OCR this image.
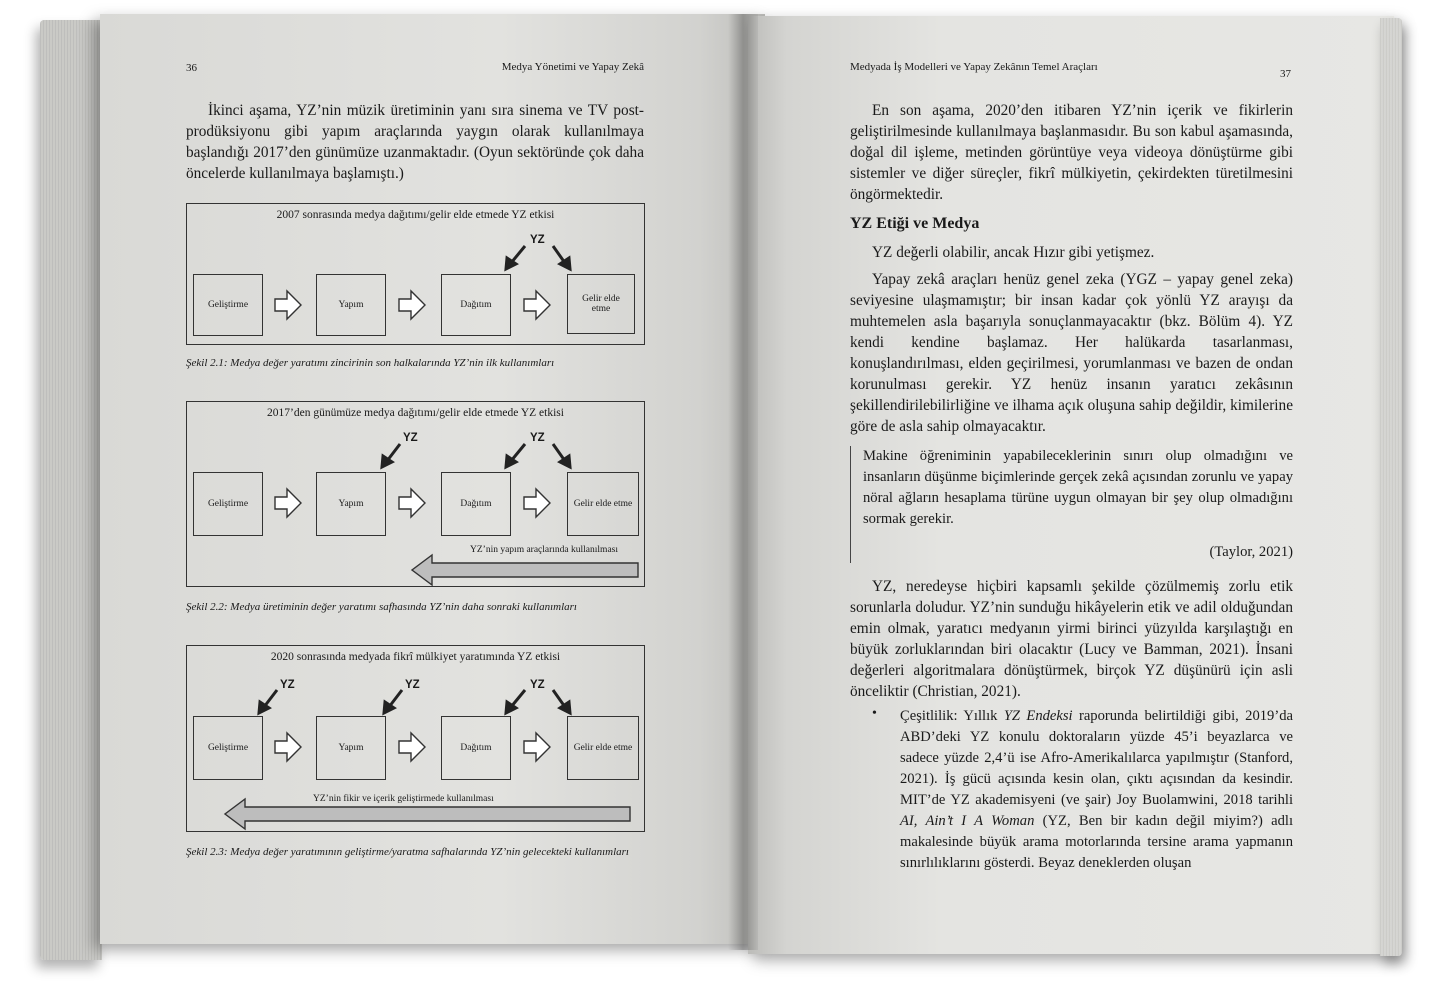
36	Medya Yönetimi ve Yapay Zekâ

İkinci aşama, YZ’nin müzik üretiminin yanı sıra sinema ve TV post-prodüksiyonu gibi yapım araçlarında yaygın olarak kullanılmaya başlandığı 2017’den günümüze uzanmaktadır. (Oyun sektöründe çok daha öncelerde kullanılmaya başlamıştı.)

2007 sonrasında medya dağıtımı/gelir elde etmede YZ etkisi
Geliştirme	Yapım	Dağıtım
Gelir elde etme
YZ
Şekil 2.1: Medya değer yaratımı zincirinin son halkalarında YZ’nin ilk kullanımları
2017’den günümüze medya dağıtımı/gelir elde etmede YZ etkisi
Geliştirme	Yapım	Dağıtım	Gelir elde etme
YZ	YZ
YZ’nin yapım araçlarında kullanılması
Şekil 2.2: Medya üretiminin değer yaratımı safhasında YZ’nin daha sonraki kullanımları
2020 sonrasında medyada fikrî mülkiyet yaratımında YZ etkisi
Geliştirme	Yapım	Dağıtım	Gelir elde etme
YZ	YZ	YZ
YZ’nin fikir ve içerik geliştirmede kullanılması
Şekil 2.3: Medya değer yaratımının geliştirme/yaratma safhalarında YZ’nin gelecekteki kullanımları
Medyada İş Modelleri ve Yapay Zekânın Temel Araçları
37

En son aşama, 2020’den itibaren YZ’nin içerik ve fikirlerin geliştirilmesinde kullanılmaya başlanmasıdır. Bu son kabul aşamasında, doğal dil işleme, metinden görüntüye veya videoya dönüştürme gibi sistemler ve diğer süreçler, fikrî mülkiyetin, çekirdekten türetilmesini öngörmektedir.

YZ Etiği ve Medya

YZ değerli olabilir, ancak Hızır gibi yetişmez.

Yapay zekâ araçları henüz genel zeka (YGZ – yapay genel zeka) seviyesine ulaşmamıştır; bir insan kadar çok yönlü YZ arayışı da muhtemelen asla başarıyla sonuçlanmayacaktır (bkz. Bölüm 4). YZ kendi kendine başlamaz. Her halükarda tasarlanması, konuşlandırılması, elden geçirilmesi, yorumlanması ve bazen de ondan korunulması gerekir. YZ henüz insanın yaratıcı zekâsının şekillendirilebilirliğine ve ilhama açık oluşuna sahip değildir, kimilerine göre de asla sahip olmayacaktır.

Makine öğreniminin yapabileceklerinin sınırı olup olmadığını ve insanların düşünme biçimlerinde gerçek zekâ açısından zorunlu ve yapay nöral ağların hesaplama türüne uygun olmayan bir şey olup olmadığını sormak gerekir.
(Taylor, 2021)

YZ, neredeyse hiçbiri kapsamlı şekilde çözülmemiş zorlu etik sorunlarla doludur. YZ’nin sunduğu hikâyelerin etik ve adil olduğundan emin olmak, yaratıcı medyanın yirmi birinci yüzyılda karşılaştığı en büyük zorluklarından biri olacaktır (Lucy ve Bamman, 2021). İnsani değerleri algoritmalara dönüştürmek, birçok YZ düşünürü için asli önceliktir (Christian, 2021).

• Çeşitlilik: Yıllık YZ Endeksi raporunda belirtildiği gibi, 2019’da ABD’deki YZ konulu doktoraların yüzde 45’i beyazlarca ve sadece yüzde 2,4’ü ise Afro-Amerikalılarca yapılmıştır (Stanford, 2021). İş gücü açısında kesin olan, çıktı açısından da kesindir. MIT’de YZ akademisyeni (ve şair) Joy Buolamwini, 2018 tarihli AI, Ain’t I A Woman (YZ, Ben bir kadın değil miyim?) adlı makalesinde büyük arama motorlarında tersine arama yapmanın sınırlılıklarını gösterdi. Beyaz deneklerden oluşan
